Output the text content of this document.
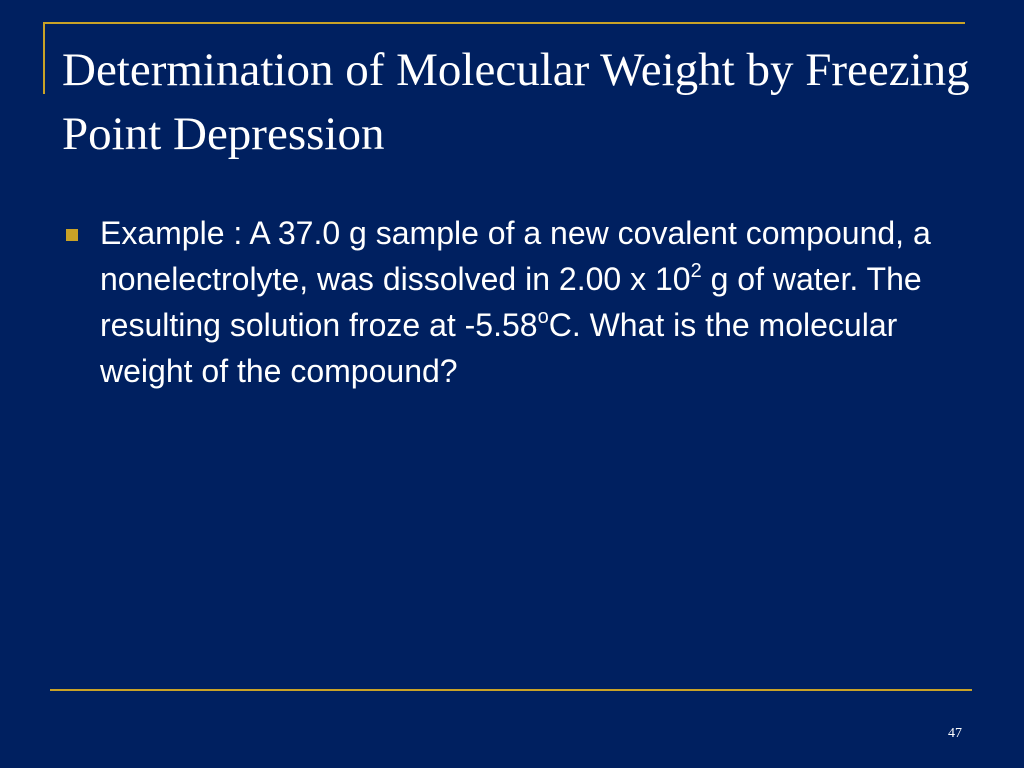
Determination of Molecular Weight by Freezing Point Depression
Example : A 37.0 g sample of a new covalent compound, a nonelectrolyte, was dissolved in 2.00 x $10^2$ g of water. The resulting solution froze at -5.58$^o$C. What is the molecular weight of the compound?
47
